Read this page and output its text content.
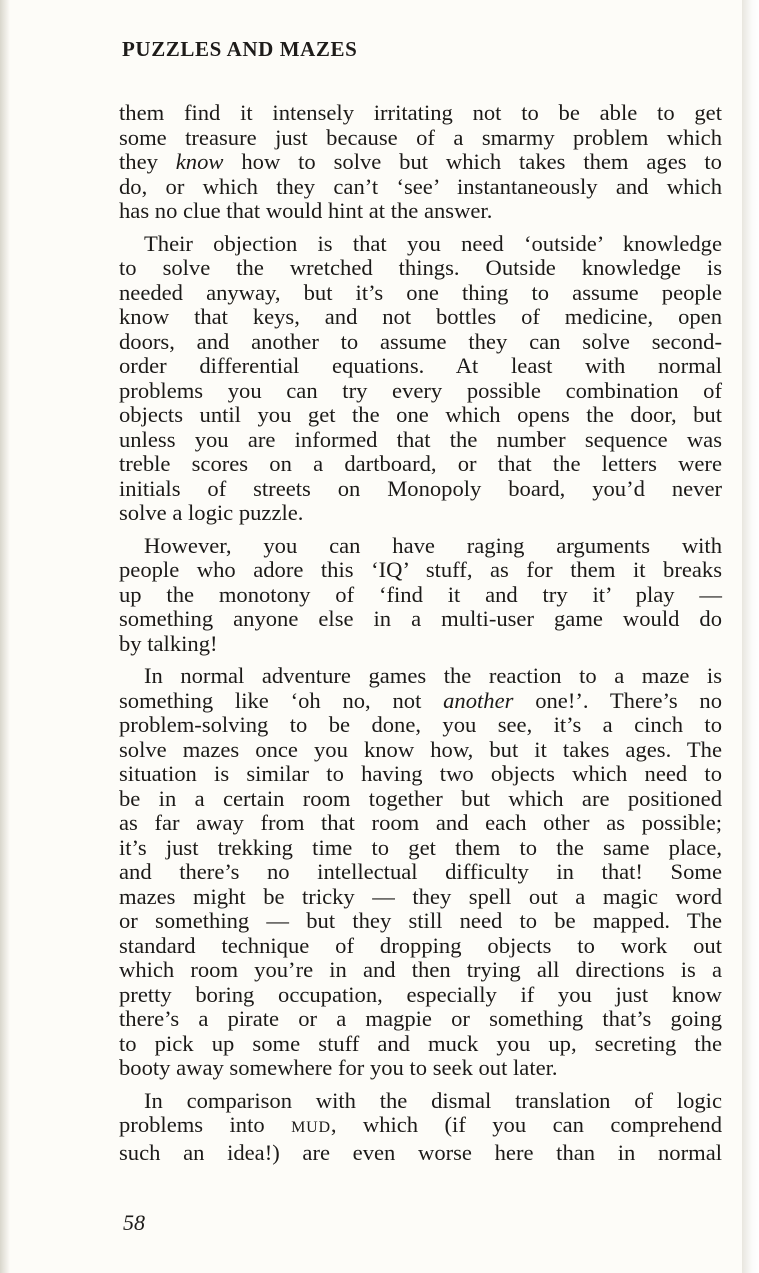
PUZZLES AND MAZES

them find it intensely irritating not to be able to get
some treasure just because of a smarmy problem which
they know how to solve but which takes them ages to
do, or which they can’t ‘see’ instantaneously and which
has no clue that would hint at the answer.

Their objection is that you need ‘outside’ knowledge
to solve the wretched things. Outside knowledge is
needed anyway, but it’s one thing to assume people
know that keys, and not bottles of medicine, open
doors, and another to assume they can solve second-
order differential equations. At least with normal
problems you can try every possible combination of
objects until you get the one which opens the door, but
unless you are informed that the number sequence was
treble scores on a dartboard, or that the letters were
initials of streets on Monopoly board, you’d never
solve a logic puzzle.

However, you can have raging arguments with
people who adore this ‘IQ’ stuff, as for them it breaks
up the monotony of ‘find it and try it’ play —
something anyone else in a multi-user game would do
by talking!

In normal adventure games the reaction to a maze is
something like ‘oh no, not another one!’. There’s no
problem-solving to be done, you see, it’s a cinch to
solve mazes once you know how, but it takes ages. The
situation is similar to having two objects which need to
be in a certain room together but which are positioned
as far away from that room and each other as possible;
it’s just trekking time to get them to the same place,
and there’s no intellectual difficulty in that! Some
mazes might be tricky — they spell out a magic word
or something — but they still need to be mapped. The
standard technique of dropping objects to work out
which room you’re in and then trying all directions is a
pretty boring occupation, especially if you just know
there’s a pirate or a magpie or something that’s going
to pick up some stuff and muck you up, secreting the
booty away somewhere for you to seek out later.

In comparison with the dismal translation of logic
problems into MUD, which (if you can comprehend
such an idea!) are even worse here than in normal

58
